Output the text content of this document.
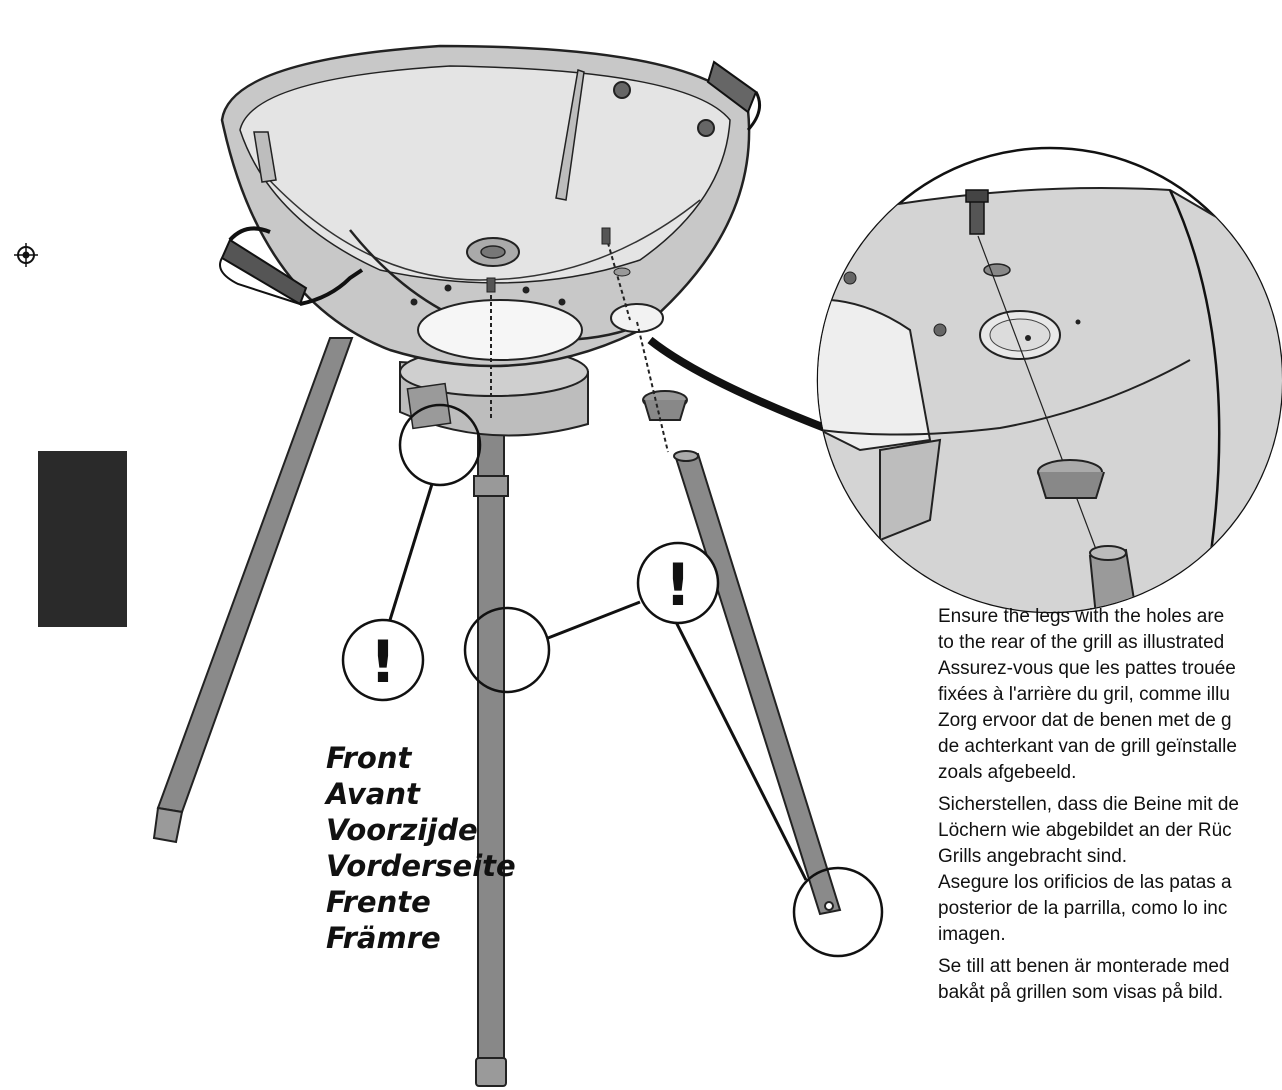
!
!
Front
Avant
Voorzijde
Vorderseite
Frente
Främre

Ensure the legs with the holes are
to the rear of the grill as illustrated

Assurez-vous que les pattes trouée
fixées à l'arrière du gril, comme illu

Zorg ervoor dat de benen met de g
de achterkant van de grill geïnstalle
zoals afgebeeld.

Sicherstellen, dass die Beine mit de
Löchern wie abgebildet an der Rüc
Grills angebracht sind.

Asegure los orificios de las patas a
posterior de la parrilla, como lo inc
imagen.

Se till att benen är monterade med
bakåt på grillen som visas på bild.
